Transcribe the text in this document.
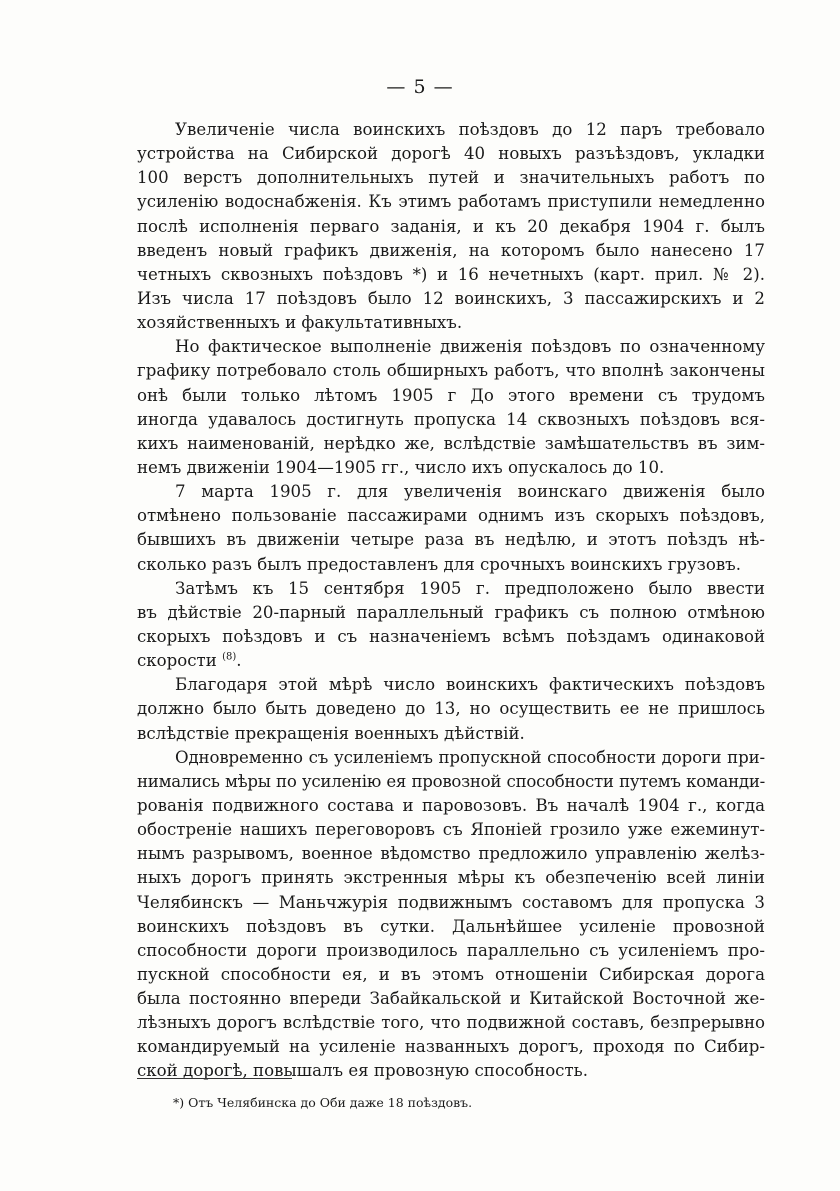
— 5 —
Увеличенiе числа воинскихъ поѣздовъ до 12 паръ требовало
устройства на Сибирской дорогѣ 40 новыхъ разъѣздовъ, укладки
100 верстъ дополнительныхъ путей и значительныхъ работъ по
усиленiю водоснабженiя. Къ этимъ работамъ приступили немедленно
послѣ исполненiя перваго заданiя, и къ 20 декабря 1904 г. былъ
введенъ новый графикъ движенiя, на которомъ было нанесено 17
четныхъ сквозныхъ поѣздовъ *) и 16 нечетныхъ (карт. прил. № 2).
Изъ числа 17 поѣздовъ было 12 воинскихъ, 3 пассажирскихъ и 2
хозяйственныхъ и факультативныхъ.
Но фактическое выполненiе движенiя поѣздовъ по означенному
графику потребовало столь обширныхъ работъ, что вполнѣ закончены
онѣ были только лѣтомъ 1905 г До этого времени съ трудомъ
иногда удавалось достигнуть пропуска 14 сквозныхъ поѣздовъ вся-
кихъ наименованiй, нерѣдко же, вслѣдствiе замѣшательствъ въ зим-
немъ движенiи 1904—1905 гг., число ихъ опускалось до 10.
7 марта 1905 г. для увеличенiя воинскаго движенiя было
отмѣнено пользованiе пассажирами однимъ изъ скорыхъ поѣздовъ,
бывшихъ въ движенiи четыре раза въ недѣлю, и этотъ поѣздъ нѣ-
сколько разъ былъ предоставленъ для срочныхъ воинскихъ грузовъ.
Затѣмъ къ 15 сентября 1905 г. предположено было ввести
въ дѣйствiе 20-парный параллельный графикъ съ полною отмѣною
скорыхъ поѣздовъ и съ назначенiемъ всѣмъ поѣздамъ одинаковой
скорости $^{(8)}$.
Благодаря этой мѣрѣ число воинскихъ фактическихъ поѣздовъ
должно было быть доведено до 13, но осуществить ее не пришлось
вслѣдствiе прекращенiя военныхъ дѣйствiй.
Одновременно съ усиленiемъ пропускной способности дороги при-
нимались мѣры по усиленiю ея провозной способности путемъ команди-
рованiя подвижного состава и паровозовъ. Въ началѣ 1904 г., когда
обостренiе нашихъ переговоровъ съ Японiей грозило уже ежеминут-
нымъ разрывомъ, военное вѣдомство предложило управленiю желѣз-
ныхъ дорогъ принять экстренныя мѣры къ обезпеченiю всей линiи
Челябинскъ — Маньчжурiя подвижнымъ составомъ для пропуска 3
воинскихъ поѣздовъ въ сутки. Дальнѣйшее усиленiе провозной
способности дороги производилось параллельно съ усиленiемъ про-
пускной способности ея, и въ этомъ отношенiи Сибирская дорога
была постоянно впереди Забайкальской и Китайской Восточной же-
лѣзныхъ дорогъ вслѣдствiе того, что подвижной составъ, безпрерывно
командируемый на усиленiе названныхъ дорогъ, проходя по Сибир-
ской дорогѣ, повышалъ ея провозную способность.
*) Отъ Челябинска до Оби даже 18 поѣздовъ.
